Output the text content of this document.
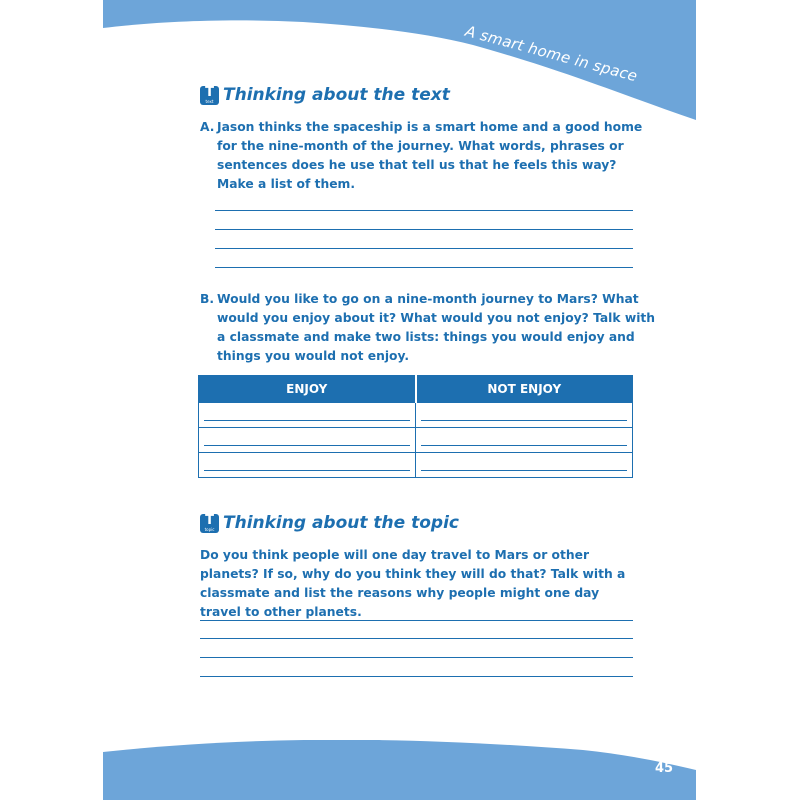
A smart home in space
T
text Thinking about the text
A. Jason thinks the spaceship is a smart home and a good home for the nine-month of the journey. What words, phrases or sentences does he use that tell us that he feels this way? Make a list of them.
B. Would you like to go on a nine-month journey to Mars? What would you enjoy about it? What would you not enjoy? Talk with a classmate and make two lists: things you would enjoy and things you would not enjoy.
ENJOY	NOT ENJOY

T
topic Thinking about the topic
Do you think people will one day travel to Mars or other planets? If so, why do you think they will do that? Talk with a classmate and list the reasons why people might one day travel to other planets.
45
